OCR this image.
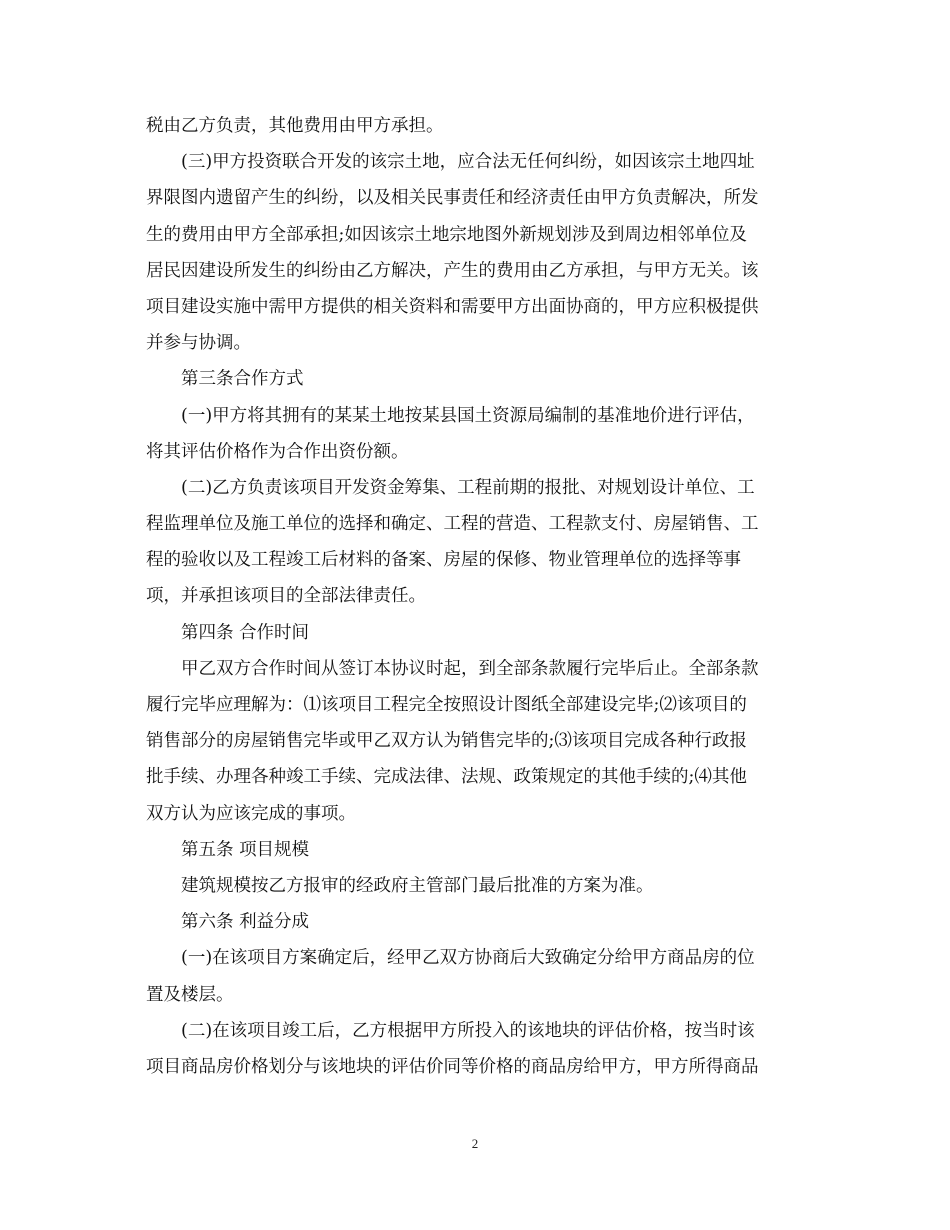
税由乙方负责，其他费用由甲方承担。
(三)甲方投资联合开发的该宗土地，应合法无任何纠纷，如因该宗土地四址
界限图内遗留产生的纠纷，以及相关民事责任和经济责任由甲方负责解决，所发
生的费用由甲方全部承担;如因该宗土地宗地图外新规划涉及到周边相邻单位及
居民因建设所发生的纠纷由乙方解决，产生的费用由乙方承担，与甲方无关。该
项目建设实施中需甲方提供的相关资料和需要甲方出面协商的，甲方应积极提供
并参与协调。
第三条合作方式
(一)甲方将其拥有的某某土地按某县国土资源局编制的基准地价进行评估，
将其评估价格作为合作出资份额。
(二)乙方负责该项目开发资金筹集、工程前期的报批、对规划设计单位、工
程监理单位及施工单位的选择和确定、工程的营造、工程款支付、房屋销售、工
程的验收以及工程竣工后材料的备案、房屋的保修、物业管理单位的选择等事
项，并承担该项目的全部法律责任。
第四条 合作时间
甲乙双方合作时间从签订本协议时起，到全部条款履行完毕后止。全部条款
履行完毕应理解为：⑴该项目工程完全按照设计图纸全部建设完毕;⑵该项目的
销售部分的房屋销售完毕或甲乙双方认为销售完毕的;⑶该项目完成各种行政报
批手续、办理各种竣工手续、完成法律、法规、政策规定的其他手续的;⑷其他
双方认为应该完成的事项。
第五条 项目规模
建筑规模按乙方报审的经政府主管部门最后批准的方案为准。
第六条 利益分成
(一)在该项目方案确定后，经甲乙双方协商后大致确定分给甲方商品房的位
置及楼层。
(二)在该项目竣工后，乙方根据甲方所投入的该地块的评估价格，按当时该
项目商品房价格划分与该地块的评估价同等价格的商品房给甲方，甲方所得商品
2
